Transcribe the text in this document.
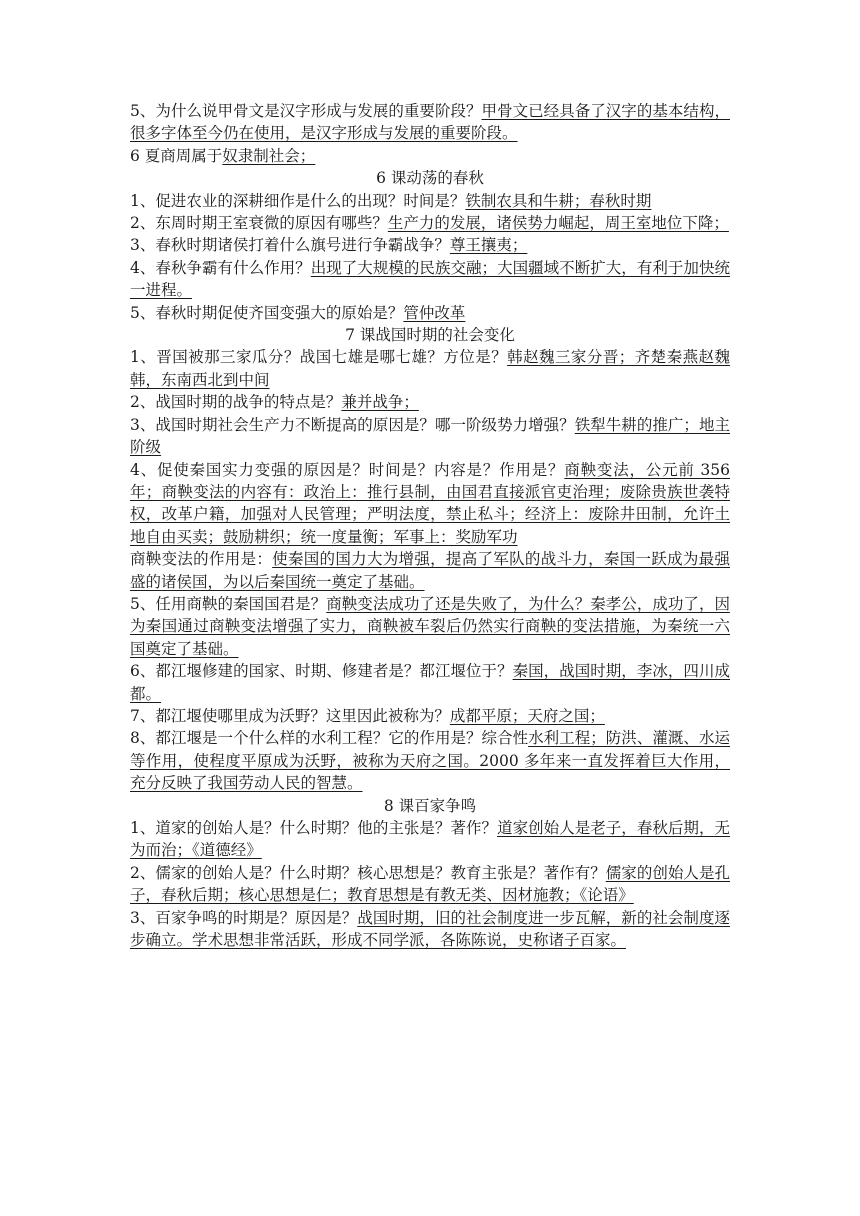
5、为什么说甲骨文是汉字形成与发展的重要阶段？甲骨文已经具备了汉字的基本结构，很多字体至今仍在使用，是汉字形成与发展的重要阶段。

6 夏商周属于奴隶制社会；

6 课动荡的春秋

1、促进农业的深耕细作是什么的出现？时间是？铁制农具和牛耕；春秋时期

2、东周时期王室衰微的原因有哪些？生产力的发展，诸侯势力崛起，周王室地位下降；

3、春秋时期诸侯打着什么旗号进行争霸战争？尊王攘夷；

4、春秋争霸有什么作用？出现了大规模的民族交融；大国疆域不断扩大，有利于加快统一进程。

5、春秋时期促使齐国变强大的原始是？管仲改革

7 课战国时期的社会变化

1、晋国被那三家瓜分？战国七雄是哪七雄？方位是？韩赵魏三家分晋；齐楚秦燕赵魏韩，东南西北到中间

2、战国时期的战争的特点是？兼并战争；

3、战国时期社会生产力不断提高的原因是？哪一阶级势力增强？铁犁牛耕的推广；地主阶级

4、促使秦国实力变强的原因是？时间是？内容是？作用是？商鞅变法，公元前 356 年；商鞅变法的内容有：政治上：推行县制，由国君直接派官吏治理；废除贵族世袭特权，改革户籍，加强对人民管理；严明法度，禁止私斗；经济上：废除井田制，允许土地自由买卖；鼓励耕织；统一度量衡；军事上：奖励军功

商鞅变法的作用是：使秦国的国力大为增强，提高了军队的战斗力，秦国一跃成为最强盛的诸侯国，为以后秦国统一奠定了基础。

5、任用商鞅的秦国国君是？商鞅变法成功了还是失败了，为什么？秦孝公，成功了，因为秦国通过商鞅变法增强了实力，商鞅被车裂后仍然实行商鞅的变法措施，为秦统一六国奠定了基础。

6、都江堰修建的国家、时期、修建者是？都江堰位于？秦国，战国时期，李冰，四川成都。

7、都江堰使哪里成为沃野？这里因此被称为？成都平原；天府之国；

8、都江堰是一个什么样的水利工程？它的作用是？综合性水利工程；防洪、灌溉、水运等作用，使程度平原成为沃野，被称为天府之国。2000 多年来一直发挥着巨大作用，充分反映了我国劳动人民的智慧。

8 课百家争鸣

1、道家的创始人是？什么时期？他的主张是？著作？道家创始人是老子，春秋后期，无为而治；《道德经》

2、儒家的创始人是？什么时期？核心思想是？教育主张是？著作有？儒家的创始人是孔子，春秋后期；核心思想是仁；教育思想是有教无类、因材施教；《论语》

3、百家争鸣的时期是？原因是？战国时期，旧的社会制度进一步瓦解，新的社会制度逐步确立。学术思想非常活跃，形成不同学派，各陈陈说，史称诸子百家。
